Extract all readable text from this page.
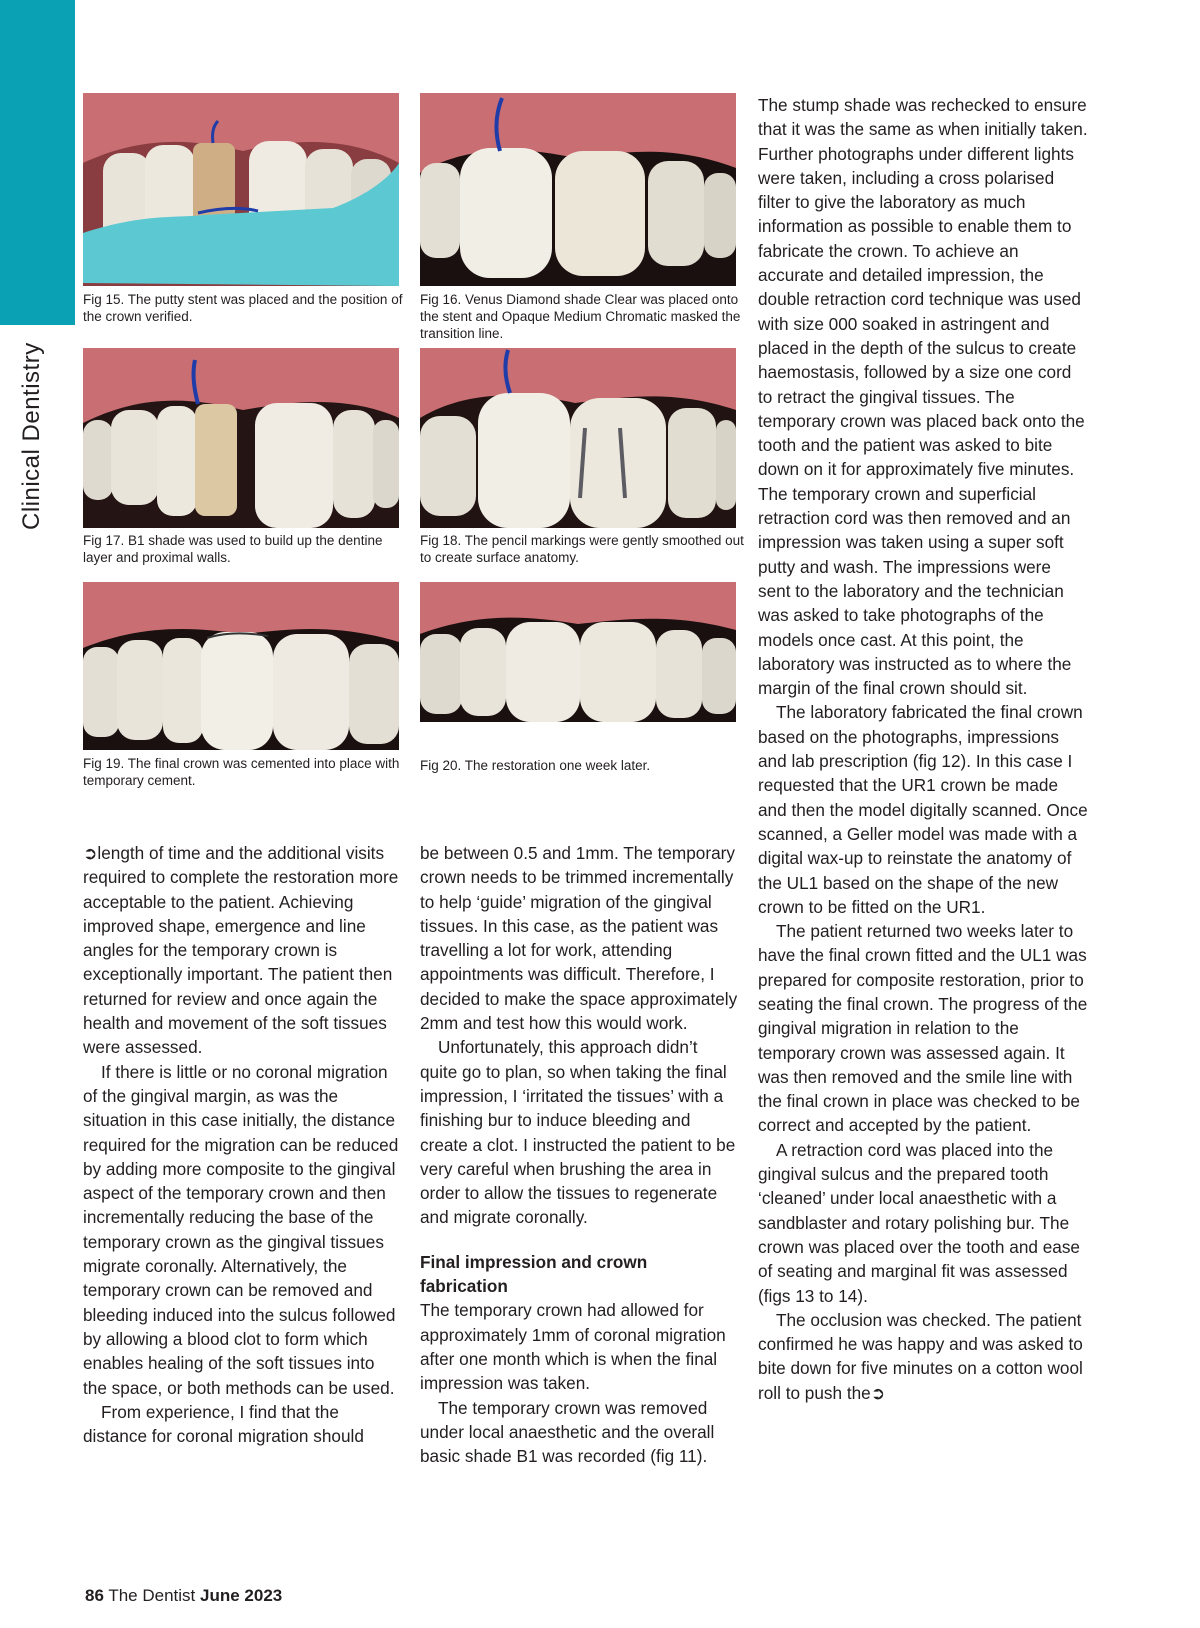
Clinical Dentistry
Fig 15. The putty stent was placed and the position of the crown verified.
Fig 16. Venus Diamond shade Clear was placed onto the stent and Opaque Medium Chromatic masked the transition line.
Fig 17. B1 shade was used to build up the dentine layer and proximal walls.
Fig 18. The pencil markings were gently smoothed out to create surface anatomy.
Fig 19. The final crown was cemented into place with temporary cement.
Fig 20. The restoration one week later.

The stump shade was rechecked to ensure that it was the same as when initially taken. Further photographs under different lights were taken, including a cross polarised filter to give the laboratory as much information as possible to enable them to fabricate the crown. To achieve an accurate and detailed impression, the double retraction cord technique was used with size 000 soaked in astringent and placed in the depth of the sulcus to create haemostasis, followed by a size one cord to retract the gingival tissues. The temporary crown was placed back onto the tooth and the patient was asked to bite down on it for approximately five minutes. The temporary crown and superficial retraction cord was then removed and an impression was taken using a super soft putty and wash. The impressions were sent to the laboratory and the technician was asked to take photographs of the models once cast. At this point, the laboratory was instructed as to where the margin of the final crown should sit.

The laboratory fabricated the final crown based on the photographs, impressions and lab prescription (fig 12). In this case I requested that the UR1 crown be made and then the model digitally scanned. Once scanned, a Geller model was made with a digital wax-up to reinstate the anatomy of the UL1 based on the shape of the new crown to be fitted on the UR1.

The patient returned two weeks later to have the final crown fitted and the UL1 was prepared for composite restoration, prior to seating the final crown. The progress of the gingival migration in relation to the temporary crown was assessed again. It was then removed and the smile line with the final crown in place was checked to be correct and accepted by the patient.

A retraction cord was placed into the gingival sulcus and the prepared tooth ‘cleaned’ under local anaesthetic with a sandblaster and rotary polishing bur. The crown was placed over the tooth and ease of seating and marginal fit was assessed (figs 13 to 14).

The occlusion was checked. The patient confirmed he was happy and was asked to bite down for five minutes on a cotton wool roll to push the➲

➲length of time and the additional visits required to complete the restoration more acceptable to the patient. Achieving improved shape, emergence and line angles for the temporary crown is exceptionally important. The patient then returned for review and once again the health and movement of the soft tissues were assessed.

If there is little or no coronal migration of the gingival margin, as was the situation in this case initially, the distance required for the migration can be reduced by adding more composite to the gingival aspect of the temporary crown and then incrementally reducing the base of the temporary crown as the gingival tissues migrate coronally. Alternatively, the temporary crown can be removed and bleeding induced into the sulcus followed by allowing a blood clot to form which enables healing of the soft tissues into the space, or both methods can be used.

From experience, I find that the distance for coronal migration should

be between 0.5 and 1mm. The temporary crown needs to be trimmed incrementally to help ‘guide’ migration of the gingival tissues. In this case, as the patient was travelling a lot for work, attending appointments was difficult. Therefore, I decided to make the space approximately 2mm and test how this would work.

Unfortunately, this approach didn’t quite go to plan, so when taking the final impression, I ‘irritated the tissues’ with a finishing bur to induce bleeding and create a clot. I instructed the patient to be very careful when brushing the area in order to allow the tissues to regenerate and migrate coronally.

Final impression and crown fabrication

The temporary crown had allowed for approximately 1mm of coronal migration after one month which is when the final impression was taken.

The temporary crown was removed under local anaesthetic and the overall basic shade B1 was recorded (fig 11).

86 The Dentist June 2023
